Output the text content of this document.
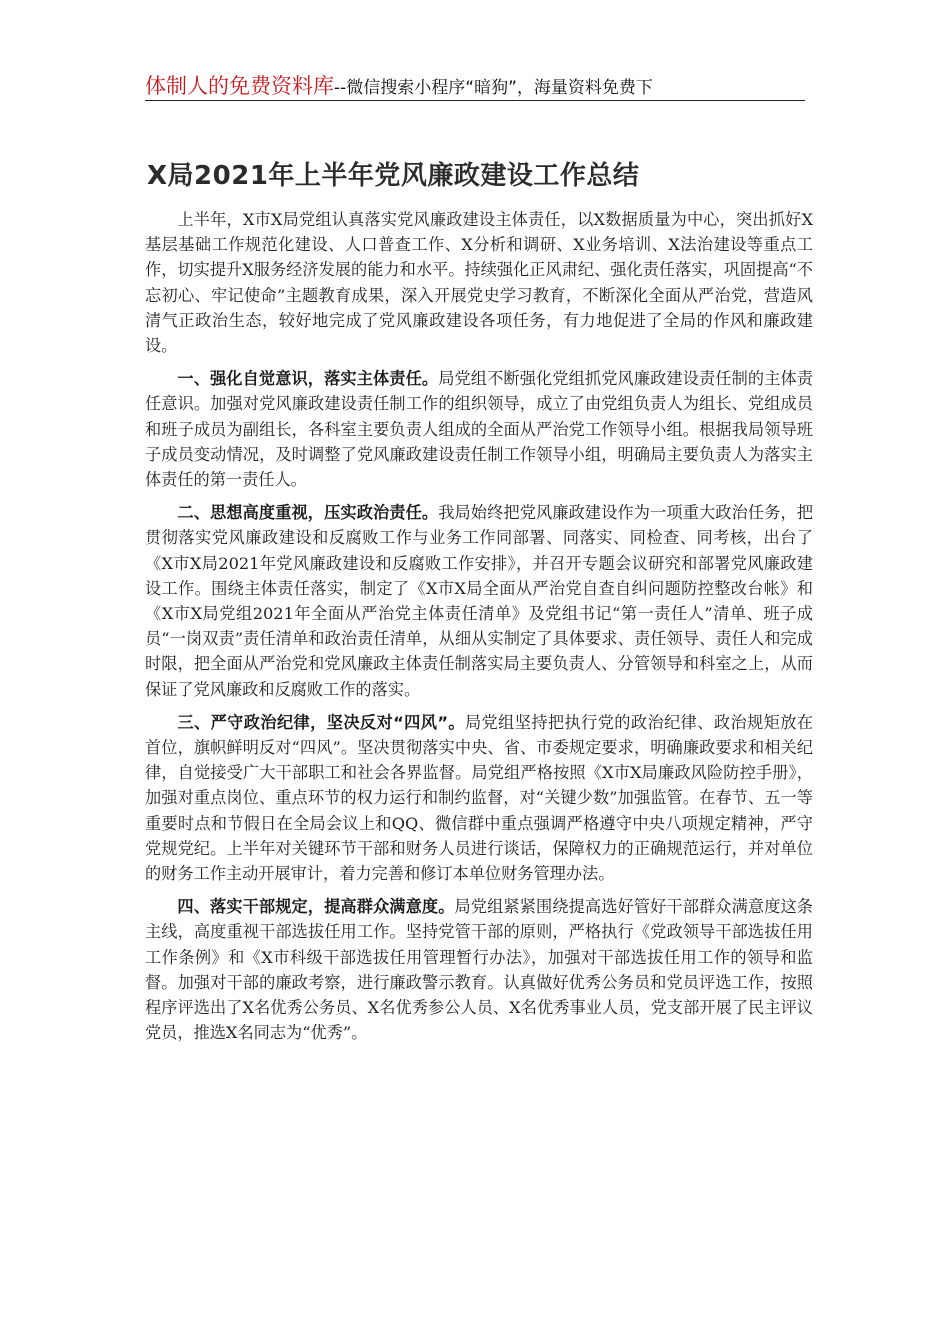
体制人的免费资料库--微信搜索小程序“暗狗”，海量资料免费下
X局2021年上半年党风廉政建设工作总结

上半年，X市X局党组认真落实党风廉政建设主体责任，以X数据质量为中心，突出抓好X基层基础工作规范化建设、人口普查工作、X分析和调研、X业务培训、X法治建设等重点工作，切实提升X服务经济发展的能力和水平。持续强化正风肃纪、强化责任落实，巩固提高“不忘初心、牢记使命”主题教育成果，深入开展党史学习教育，不断深化全面从严治党，营造风清气正政治生态，较好地完成了党风廉政建设各项任务，有力地促进了全局的作风和廉政建设。

一、强化自觉意识，落实主体责任。局党组不断强化党组抓党风廉政建设责任制的主体责任意识。加强对党风廉政建设责任制工作的组织领导，成立了由党组负责人为组长、党组成员和班子成员为副组长，各科室主要负责人组成的全面从严治党工作领导小组。根据我局领导班子成员变动情况，及时调整了党风廉政建设责任制工作领导小组，明确局主要负责人为落实主体责任的第一责任人。

二、思想高度重视，压实政治责任。我局始终把党风廉政建设作为一项重大政治任务，把贯彻落实党风廉政建设和反腐败工作与业务工作同部署、同落实、同检查、同考核，出台了《X市X局2021年党风廉政建设和反腐败工作安排》，并召开专题会议研究和部署党风廉政建设工作。围绕主体责任落实，制定了《X市X局全面从严治党自查自纠问题防控整改台帐》和《X市X局党组2021年全面从严治党主体责任清单》及党组书记“第一责任人”清单、班子成员“一岗双责”责任清单和政治责任清单，从细从实制定了具体要求、责任领导、责任人和完成时限，把全面从严治党和党风廉政主体责任制落实局主要负责人、分管领导和科室之上，从而保证了党风廉政和反腐败工作的落实。

三、严守政治纪律，坚决反对“四风”。局党组坚持把执行党的政治纪律、政治规矩放在首位，旗帜鲜明反对“四风”。坚决贯彻落实中央、省、市委规定要求，明确廉政要求和相关纪律，自觉接受广大干部职工和社会各界监督。局党组严格按照《X市X局廉政风险防控手册》，加强对重点岗位、重点环节的权力运行和制约监督，对“关键少数”加强监管。在春节、五一等重要时点和节假日在全局会议上和QQ、微信群中重点强调严格遵守中央八项规定精神，严守党规党纪。上半年对关键环节干部和财务人员进行谈话，保障权力的正确规范运行，并对单位的财务工作主动开展审计，着力完善和修订本单位财务管理办法。

四、落实干部规定，提高群众满意度。局党组紧紧围绕提高选好管好干部群众满意度这条主线，高度重视干部选拔任用工作。坚持党管干部的原则，严格执行《党政领导干部选拔任用工作条例》和《X市科级干部选拔任用管理暂行办法》，加强对干部选拔任用工作的领导和监督。加强对干部的廉政考察，进行廉政警示教育。认真做好优秀公务员和党员评选工作，按照程序评选出了X名优秀公务员、X名优秀参公人员、X名优秀事业人员，党支部开展了民主评议党员，推选X名同志为“优秀”。
